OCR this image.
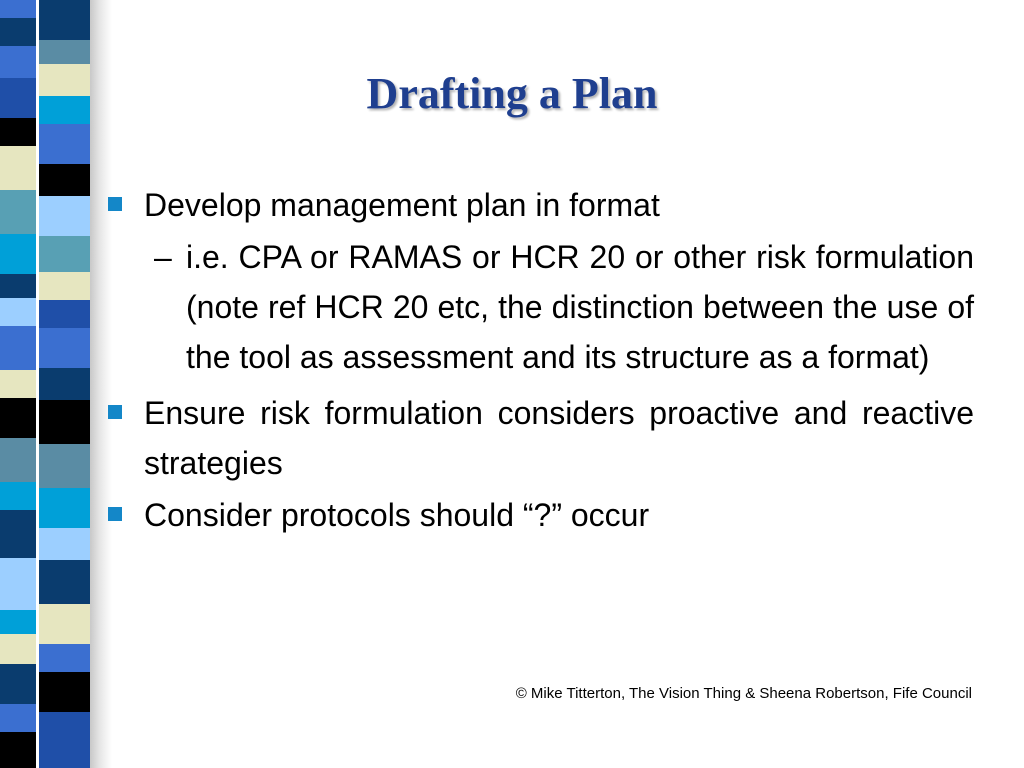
Drafting a Plan
Develop management plan in format
– i.e. CPA or RAMAS or HCR 20 or other risk formulation (note ref HCR 20 etc, the distinction between the use of the tool as assessment and its structure as a format)
Ensure risk formulation considers proactive and reactive strategies
Consider protocols should “?” occur
© Mike Titterton, The Vision Thing & Sheena Robertson, Fife Council
